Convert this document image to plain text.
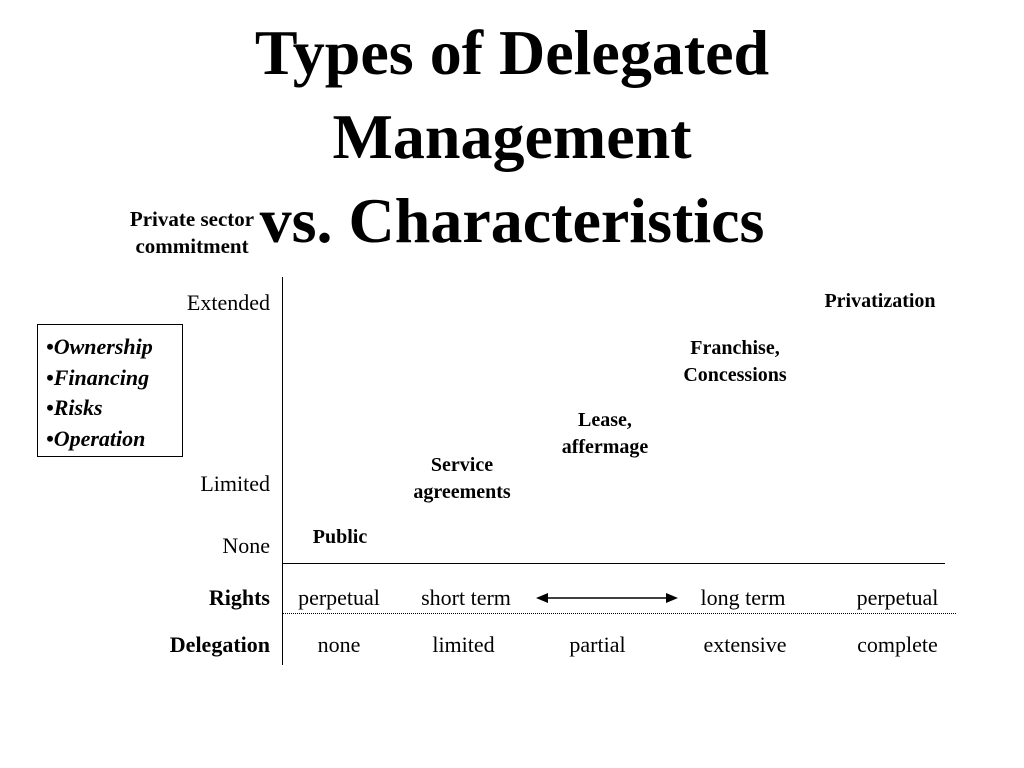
Types of Delegated
Management
vs. Characteristics
Private sector
commitment
Extended
Limited
None
•Ownership
•Financing
•Risks
•Operation
Public
Service
agreements
Lease,
affermage
Franchise,
Concessions
Privatization
Rights	perpetual	short term	long term	perpetual
Delegation	none	limited	partial	extensive	complete
